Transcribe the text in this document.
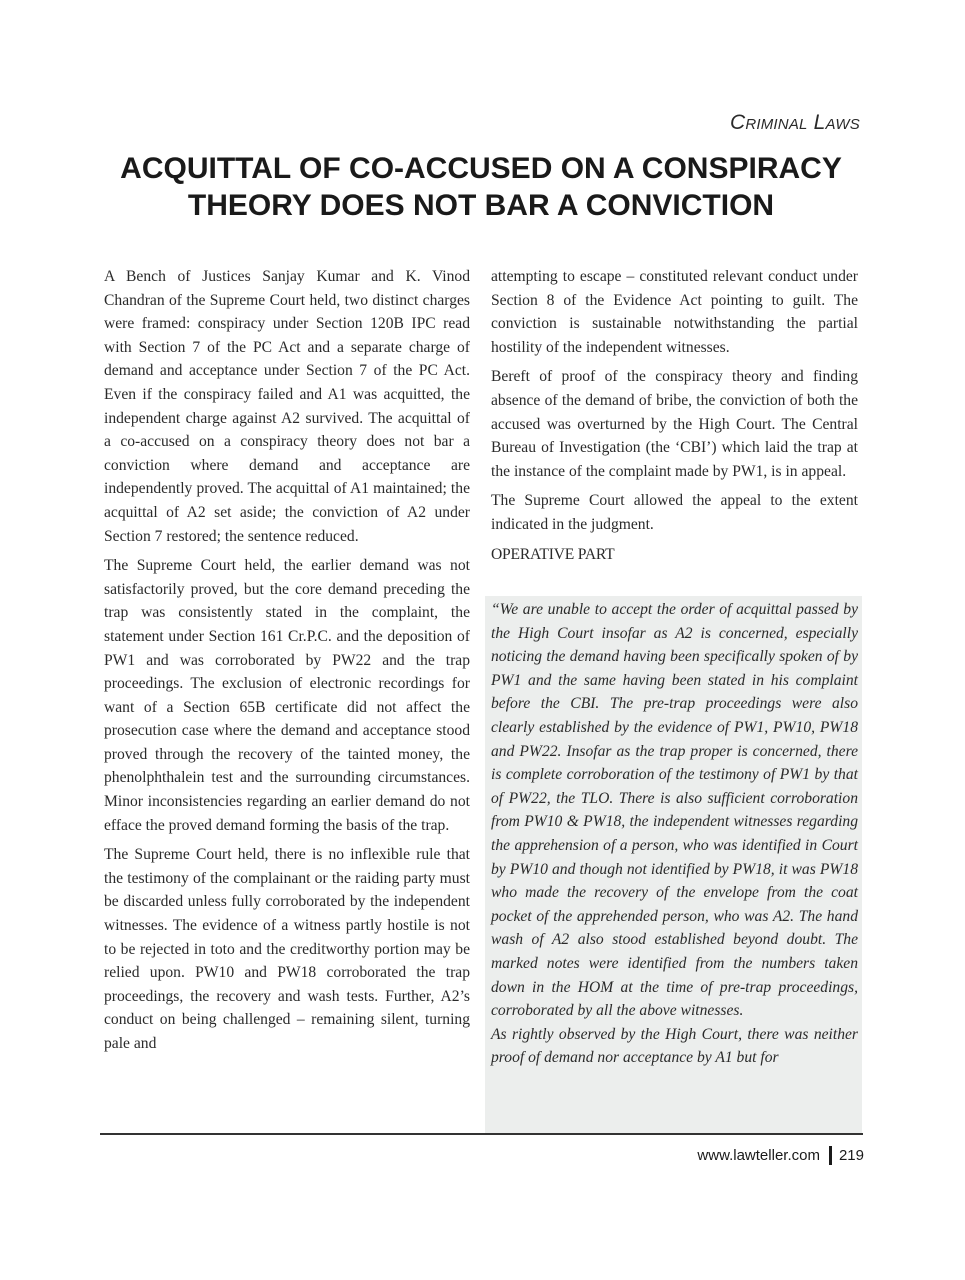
Criminal Laws
ACQUITTAL OF CO-ACCUSED ON A CONSPIRACY THEORY DOES NOT BAR A CONVICTION

A Bench of Justices Sanjay Kumar and K. Vinod Chandran of the Supreme Court held, two distinct charges were framed: conspiracy under Section 120B IPC read with Section 7 of the PC Act and a separate charge of demand and acceptance under Section 7 of the PC Act. Even if the conspiracy failed and A1 was acquitted, the independent charge against A2 survived. The acquittal of a co-accused on a conspiracy theory does not bar a conviction where demand and acceptance are independently proved. The acquittal of A1 maintained; the acquittal of A2 set aside; the conviction of A2 under Section 7 restored; the sentence reduced.

The Supreme Court held, the earlier demand was not satisfactorily proved, but the core demand preceding the trap was consistently stated in the complaint, the statement under Section 161 Cr.P.C. and the deposition of PW1 and was corroborated by PW22 and the trap proceedings. The exclusion of electronic recordings for want of a Section 65B certificate did not affect the prosecution case where the demand and acceptance stood proved through the recovery of the tainted money, the phenolphthalein test and the surrounding circumstances. Minor inconsistencies regarding an earlier demand do not efface the proved demand forming the basis of the trap.

The Supreme Court held, there is no inflexible rule that the testimony of the complainant or the raiding party must be discarded unless fully corroborated by the independent witnesses. The evidence of a witness partly hostile is not to be rejected in toto and the creditworthy portion may be relied upon. PW10 and PW18 corroborated the trap proceedings, the recovery and wash tests. Further, A2’s conduct on being challenged – remaining silent, turning pale and

attempting to escape – constituted relevant conduct under Section 8 of the Evidence Act pointing to guilt. The conviction is sustainable notwithstanding the partial hostility of the independent witnesses.

Bereft of proof of the conspiracy theory and finding absence of the demand of bribe, the conviction of both the accused was overturned by the High Court. The Central Bureau of Investigation (the ‘CBI’) which laid the trap at the instance of the complaint made by PW1, is in appeal.

The Supreme Court allowed the appeal to the extent indicated in the judgment.

OPERATIVE PART

“We are unable to accept the order of acquittal passed by the High Court insofar as A2 is concerned, especially noticing the demand having been specifically spoken of by PW1 and the same having been stated in his complaint before the CBI. The pre-trap proceedings were also clearly established by the evidence of PW1, PW10, PW18 and PW22. Insofar as the trap proper is concerned, there is complete corroboration of the testimony of PW1 by that of PW22, the TLO. There is also sufficient corroboration from PW10 & PW18, the independent witnesses regarding the apprehension of a person, who was identified in Court by PW10 and though not identified by PW18, it was PW18 who made the recovery of the envelope from the coat pocket of the apprehended person, who was A2. The hand wash of A2 also stood established beyond doubt. The marked notes were identified from the numbers taken down in the HOM at the time of pre-trap proceedings, corroborated by all the above witnesses.

As rightly observed by the High Court, there was neither proof of demand nor acceptance by A1 but for

www.lawteller.com 219
